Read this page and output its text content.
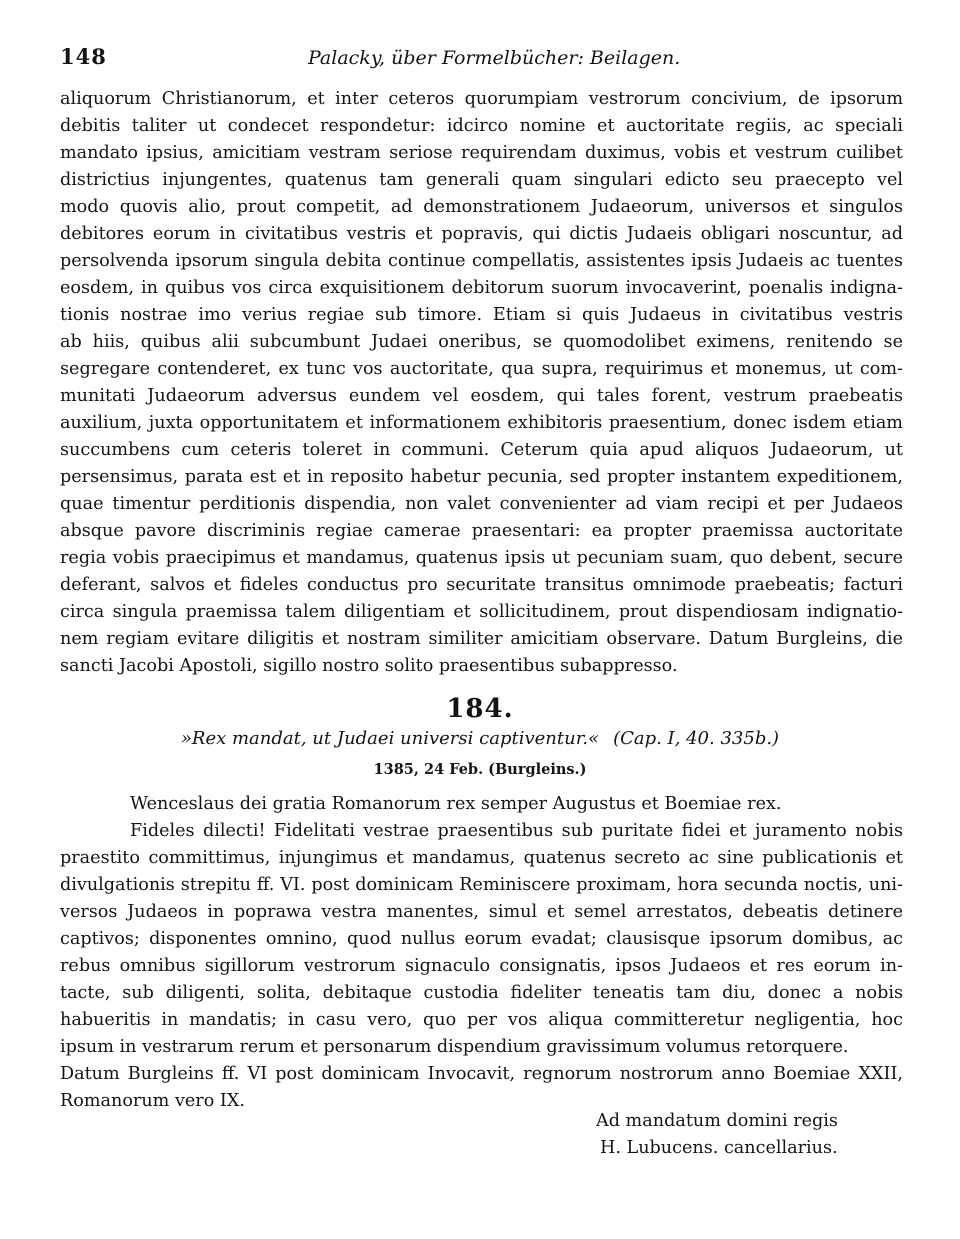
148	Palacky, über Formelbücher: Beilagen.
aliquorum Christianorum, et inter ceteros quorumpiam vestrorum concivium, de ipsorum
debitis taliter ut condecet respondetur: idcirco nomine et auctoritate regiis, ac speciali
mandato ipsius, amicitiam vestram seriose requirendam duximus, vobis et vestrum cuilibet
districtius injungentes, quatenus tam generali quam singulari edicto seu praecepto vel
modo quovis alio, prout competit, ad demonstrationem Judaeorum, universos et singulos
debitores eorum in civitatibus vestris et popravis, qui dictis Judaeis obligari noscuntur, ad
persolvenda ipsorum singula debita continue compellatis, assistentes ipsis Judaeis ac tuentes
eosdem, in quibus vos circa exquisitionem debitorum suorum invocaverint, poenalis indigna-
tionis nostrae imo verius regiae sub timore. Etiam si quis Judaeus in civitatibus vestris
ab hiis, quibus alii subcumbunt Judaei oneribus, se quomodolibet eximens, renitendo se
segregare contenderet, ex tunc vos auctoritate, qua supra, requirimus et monemus, ut com-
munitati Judaeorum adversus eundem vel eosdem, qui tales forent, vestrum praebeatis
auxilium, juxta opportunitatem et informationem exhibitoris praesentium, donec isdem etiam
succumbens cum ceteris toleret in communi. Ceterum quia apud aliquos Judaeorum, ut
persensimus, parata est et in reposito habetur pecunia, sed propter instantem expeditionem,
quae timentur perditionis dispendia, non valet convenienter ad viam recipi et per Judaeos
absque pavore discriminis regiae camerae praesentari: ea propter praemissa auctoritate
regia vobis praecipimus et mandamus, quatenus ipsis ut pecuniam suam, quo debent, secure
deferant, salvos et fideles conductus pro securitate transitus omnimode praebeatis; facturi
circa singula praemissa talem diligentiam et sollicitudinem, prout dispendiosam indignatio-
nem regiam evitare diligitis et nostram similiter amicitiam observare. Datum Burgleins, die
sancti Jacobi Apostoli, sigillo nostro solito praesentibus subappresso.
184.
»Rex mandat, ut Judaei universi captiventur.« (Cap. I, 40. 335b.)
1385, 24 Feb. (Burgleins.)
Wenceslaus dei gratia Romanorum rex semper Augustus et Boemiae rex.
Fideles dilecti! Fidelitati vestrae praesentibus sub puritate fidei et juramento nobis
praestito committimus, injungimus et mandamus, quatenus secreto ac sine publicationis et
divulgationis strepitu ff. VI. post dominicam Reminiscere proximam, hora secunda noctis, uni-
versos Judaeos in poprawa vestra manentes, simul et semel arrestatos, debeatis detinere
captivos; disponentes omnino, quod nullus eorum evadat; clausisque ipsorum domibus, ac
rebus omnibus sigillorum vestrorum signaculo consignatis, ipsos Judaeos et res eorum in-
tacte, sub diligenti, solita, debitaque custodia fideliter teneatis tam diu, donec a nobis
habueritis in mandatis; in casu vero, quo per vos aliqua committeretur negligentia, hoc
ipsum in vestrarum rerum et personarum dispendium gravissimum volumus retorquere.
Datum Burgleins ff. VI post dominicam Invocavit, regnorum nostrorum anno Boemiae XXII,
Romanorum vero IX.
Ad mandatum domini regis
H. Lubucens. cancellarius.
